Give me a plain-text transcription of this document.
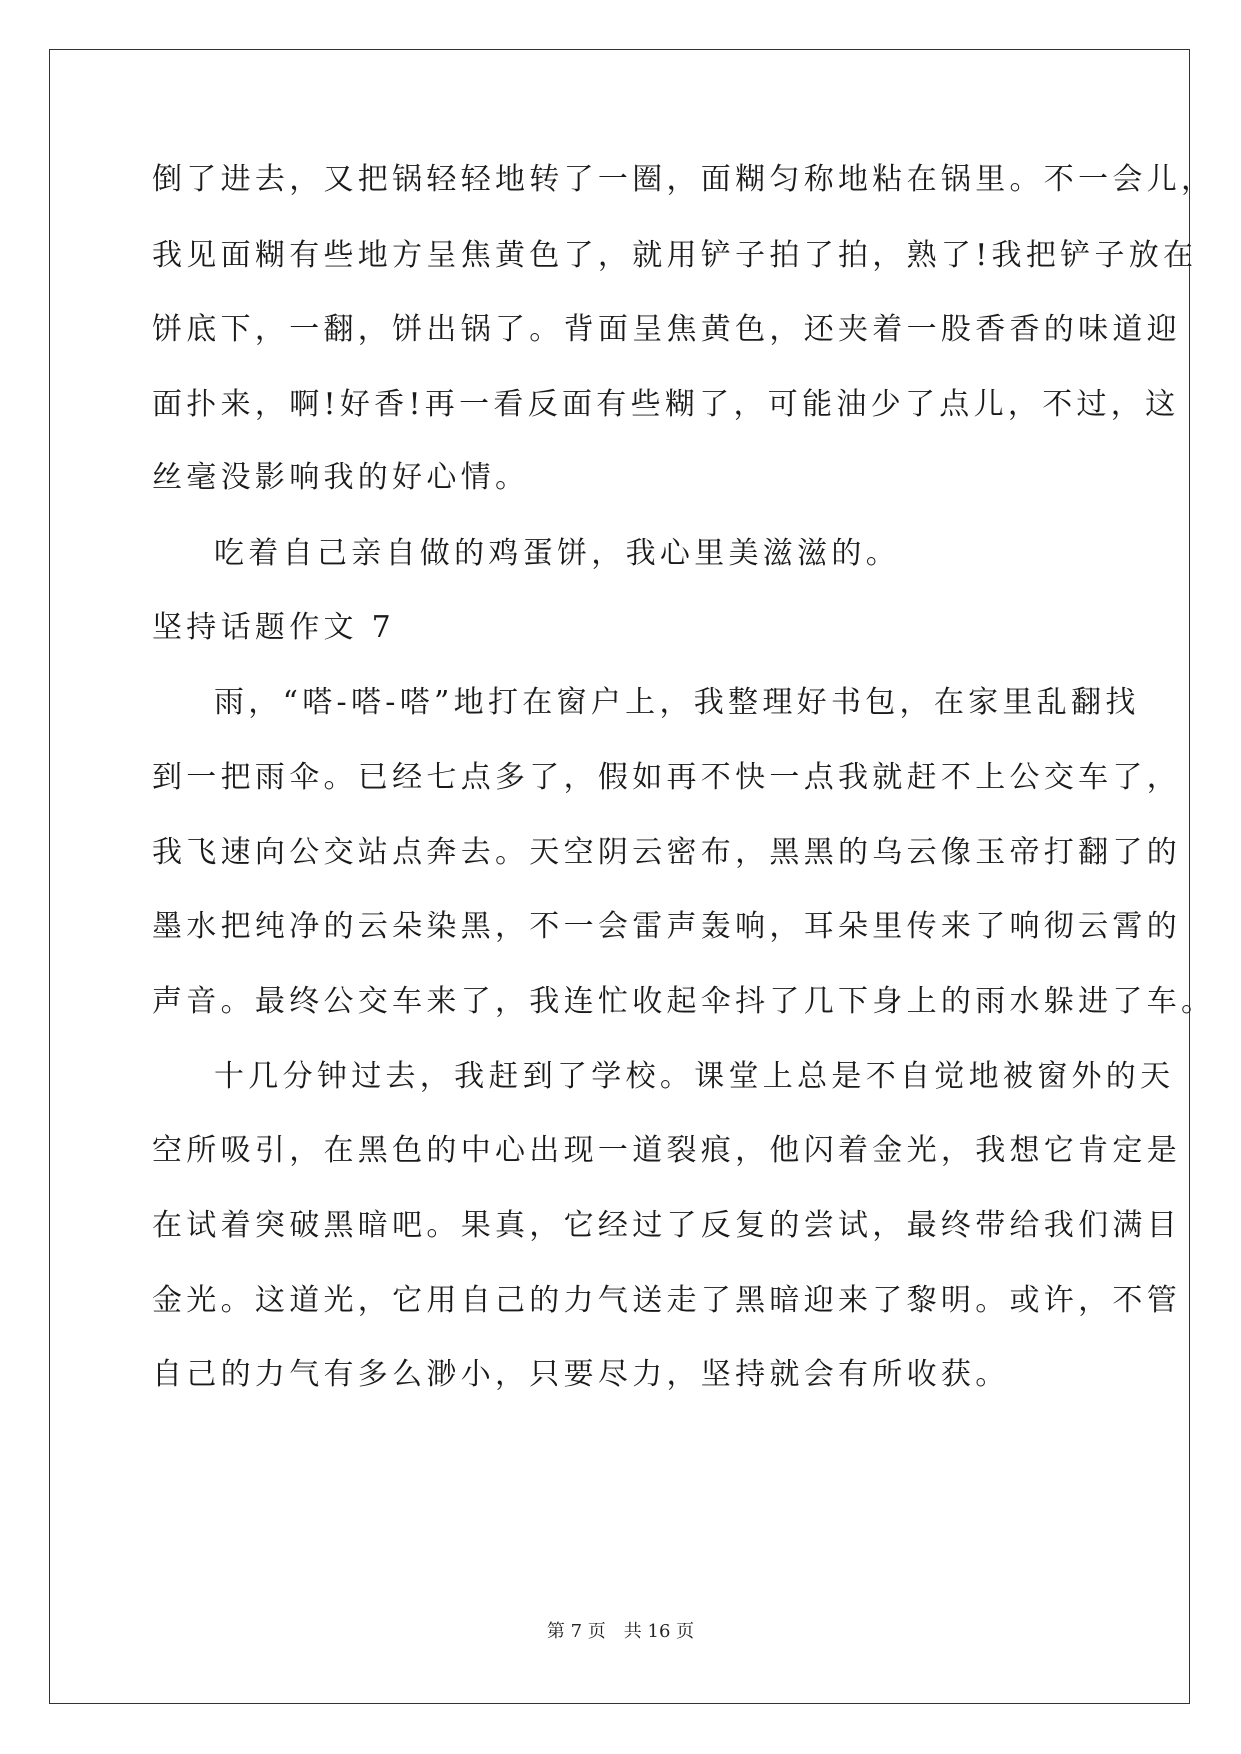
倒了进去，又把锅轻轻地转了一圈，面糊匀称地粘在锅里。不一会儿，
我见面糊有些地方呈焦黄色了，就用铲子拍了拍，熟了!我把铲子放在
饼底下，一翻，饼出锅了。背面呈焦黄色，还夹着一股香香的味道迎
面扑来，啊!好香!再一看反面有些糊了，可能油少了点儿，不过，这
丝毫没影响我的好心情。
吃着自己亲自做的鸡蛋饼，我心里美滋滋的。
坚持话题作文 7
雨，“嗒-嗒-嗒”地打在窗户上，我整理好书包，在家里乱翻找
到一把雨伞。已经七点多了，假如再不快一点我就赶不上公交车了，
我飞速向公交站点奔去。天空阴云密布，黑黑的乌云像玉帝打翻了的
墨水把纯净的云朵染黑，不一会雷声轰响，耳朵里传来了响彻云霄的
声音。最终公交车来了，我连忙收起伞抖了几下身上的雨水躲进了车。
十几分钟过去，我赶到了学校。课堂上总是不自觉地被窗外的天
空所吸引，在黑色的中心出现一道裂痕，他闪着金光，我想它肯定是
在试着突破黑暗吧。果真，它经过了反复的尝试，最终带给我们满目
金光。这道光，它用自己的力气送走了黑暗迎来了黎明。或许，不管
自己的力气有多么渺小，只要尽力，坚持就会有所收获。
第 7 页　共 16 页
